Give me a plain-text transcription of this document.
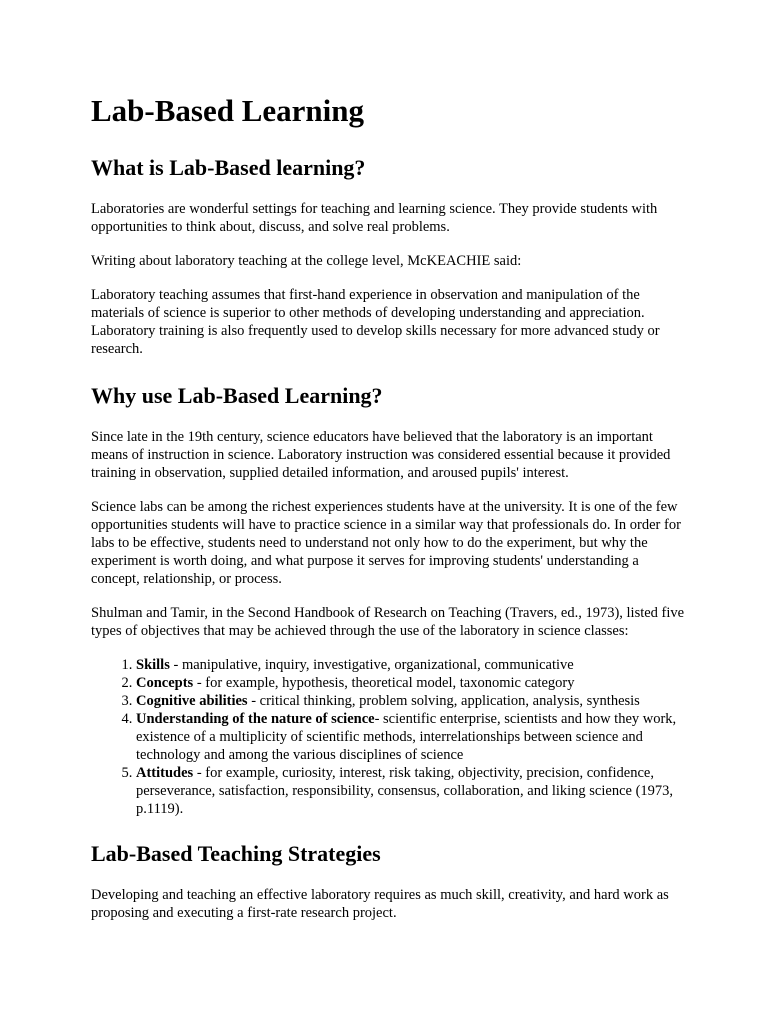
Lab-Based Learning
What is Lab-Based learning?

Laboratories are wonderful settings for teaching and learning science. They provide students with opportunities to think about, discuss, and solve real problems.

Writing about laboratory teaching at the college level, McKEACHIE said:

Laboratory teaching assumes that first-hand experience in observation and manipulation of the materials of science is superior to other methods of developing understanding and appreciation. Laboratory training is also frequently used to develop skills necessary for more advanced study or research.

Why use Lab-Based Learning?

Since late in the 19th century, science educators have believed that the laboratory is an important means of instruction in science. Laboratory instruction was considered essential because it provided training in observation, supplied detailed information, and aroused pupils' interest.

Science labs can be among the richest experiences students have at the university. It is one of the few opportunities students will have to practice science in a similar way that professionals do. In order for labs to be effective, students need to understand not only how to do the experiment, but why the experiment is worth doing, and what purpose it serves for improving students' understanding a concept, relationship, or process.

Shulman and Tamir, in the Second Handbook of Research on Teaching (Travers, ed., 1973), listed five types of objectives that may be achieved through the use of the laboratory in science classes:

1. Skills - manipulative, inquiry, investigative, organizational, communicative
2. Concepts - for example, hypothesis, theoretical model, taxonomic category
3. Cognitive abilities - critical thinking, problem solving, application, analysis, synthesis
4. Understanding of the nature of science- scientific enterprise, scientists and how they work, existence of a multiplicity of scientific methods, interrelationships between science and technology and among the various disciplines of science
5. Attitudes - for example, curiosity, interest, risk taking, objectivity, precision, confidence, perseverance, satisfaction, responsibility, consensus, collaboration, and liking science (1973, p.1119).
Lab-Based Teaching Strategies

Developing and teaching an effective laboratory requires as much skill, creativity, and hard work as proposing and executing a first-rate research project.
